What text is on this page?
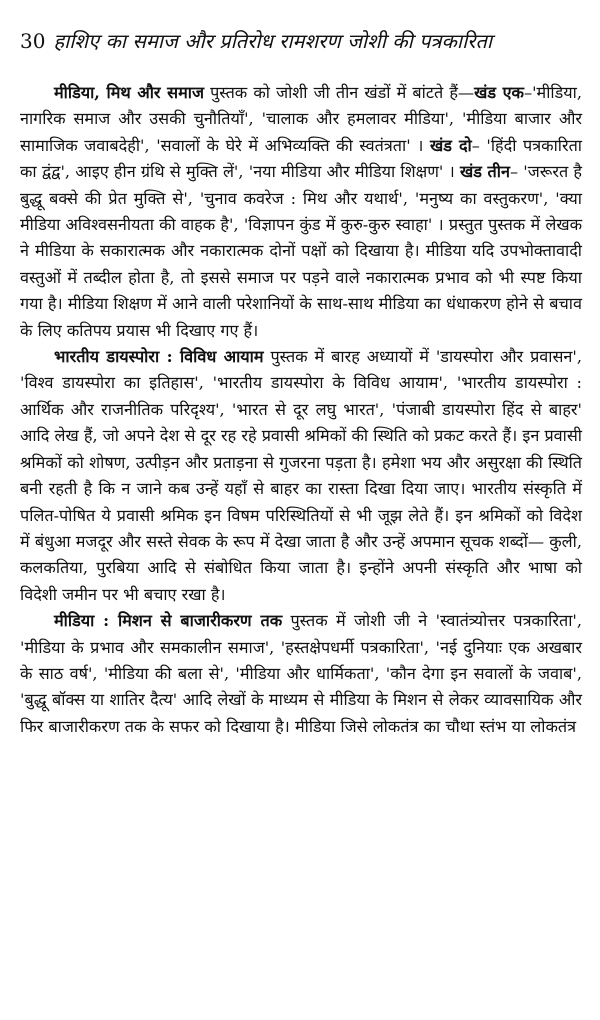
30 हाशिए का समाज और प्रतिरोध रामशरण जोशी की पत्रकारिता

मीडिया, मिथ और समाज पुस्तक को जोशी जी तीन खंडों में बांटते हैं—खंड एक–'मीडिया, नागरिक समाज और उसकी चुनौतियाँ', 'चालाक और हमलावर मीडिया', 'मीडिया बाजार और सामाजिक जवाबदेही', 'सवालों के घेरे में अभिव्यक्ति की स्वतंत्रता' । खंड दो– 'हिंदी पत्रकारिता का द्वंद्व', आइए हीन ग्रंथि से मुक्ति लें', 'नया मीडिया और मीडिया शिक्षण' । खंड तीन– 'जरूरत है बुद्धू बक्से की प्रेत मुक्ति से', 'चुनाव कवरेज : मिथ और यथार्थ', 'मनुष्य का वस्तुकरण', 'क्या मीडिया अविश्वसनीयता की वाहक है', 'विज्ञापन कुंड में कुरु-कुरु स्वाहा' । प्रस्तुत पुस्तक में लेखक ने मीडिया के सकारात्मक और नकारात्मक दोनों पक्षों को दिखाया है। मीडिया यदि उपभोक्तावादी वस्तुओं में तब्दील होता है, तो इससे समाज पर पड़ने वाले नकारात्मक प्रभाव को भी स्पष्ट किया गया है। मीडिया शिक्षण में आने वाली परेशानियों के साथ-साथ मीडिया का धंधाकरण होने से बचाव के लिए कतिपय प्रयास भी दिखाए गए हैं।

भारतीय डायस्पोरा : विविध आयाम पुस्तक में बारह अध्यायों में 'डायस्पोरा और प्रवासन', 'विश्व डायस्पोरा का इतिहास', 'भारतीय डायस्पोरा के विविध आयाम', 'भारतीय डायस्पोरा : आर्थिक और राजनीतिक परिदृश्य', 'भारत से दूर लघु भारत', 'पंजाबी डायस्पोरा हिंद से बाहर' आदि लेख हैं, जो अपने देश से दूर रह रहे प्रवासी श्रमिकों की स्थिति को प्रकट करते हैं। इन प्रवासी श्रमिकों को शोषण, उत्पीड़न और प्रताड़ना से गुजरना पड़ता है। हमेशा भय और असुरक्षा की स्थिति बनी रहती है कि न जाने कब उन्हें यहाँ से बाहर का रास्ता दिखा दिया जाए। भारतीय संस्कृति में पलित-पोषित ये प्रवासी श्रमिक इन विषम परिस्थितियों से भी जूझ लेते हैं। इन श्रमिकों को विदेश में बंधुआ मजदूर और सस्ते सेवक के रूप में देखा जाता है और उन्हें अपमान सूचक शब्दों— कुली, कलकतिया, पुरबिया आदि से संबोधित किया जाता है। इन्होंने अपनी संस्कृति और भाषा को विदेशी जमीन पर भी बचाए रखा है।

मीडिया : मिशन से बाजारीकरण तक पुस्तक में जोशी जी ने 'स्वातंत्र्योत्तर पत्रकारिता', 'मीडिया के प्रभाव और समकालीन समाज', 'हस्तक्षेपधर्मी पत्रकारिता', 'नई दुनियाः एक अखबार के साठ वर्ष', 'मीडिया की बला से', 'मीडिया और धार्मिकता', 'कौन देगा इन सवालों के जवाब', 'बुद्धू बॉक्स या शातिर दैत्य' आदि लेखों के माध्यम से मीडिया के मिशन से लेकर व्यावसायिक और फिर बाजारीकरण तक के सफर को दिखाया है। मीडिया जिसे लोकतंत्र का चौथा स्तंभ या लोकतंत्र
